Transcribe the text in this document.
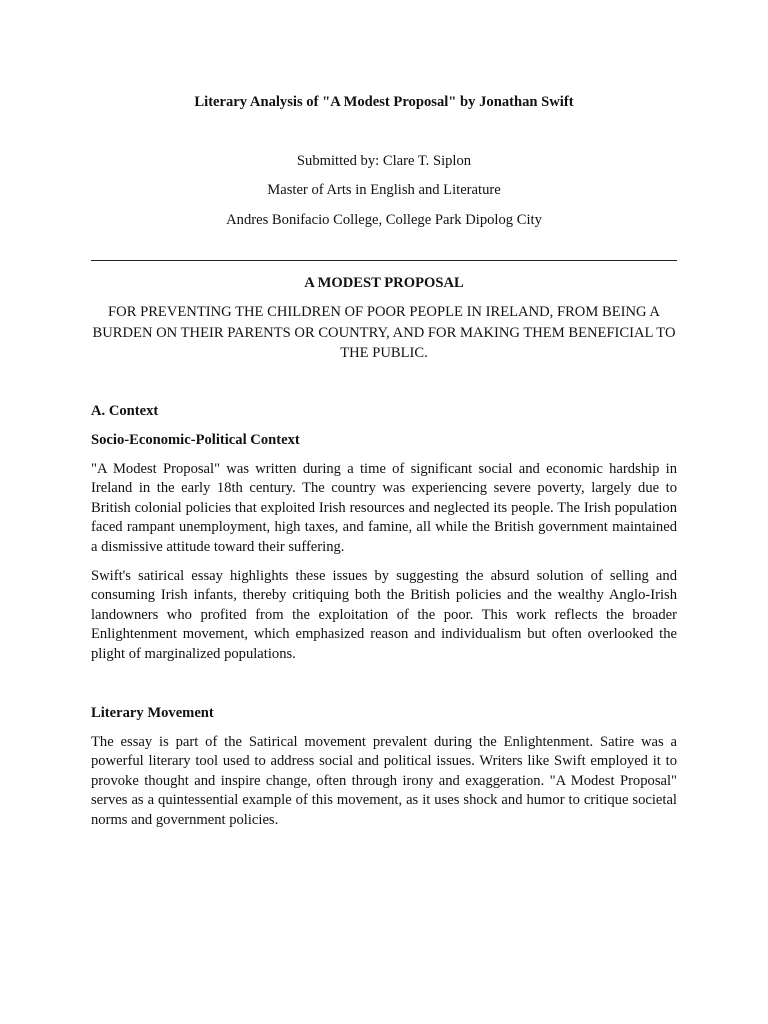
Literary Analysis of "A Modest Proposal" by Jonathan Swift
Submitted by: Clare T. Siplon
Master of Arts in English and Literature
Andres Bonifacio College, College Park Dipolog City
A MODEST PROPOSAL
FOR PREVENTING THE CHILDREN OF POOR PEOPLE IN IRELAND, FROM BEING A BURDEN ON THEIR PARENTS OR COUNTRY, AND FOR MAKING THEM BENEFICIAL TO THE PUBLIC.
A. Context
Socio-Economic-Political Context
"A Modest Proposal" was written during a time of significant social and economic hardship in Ireland in the early 18th century. The country was experiencing severe poverty, largely due to British colonial policies that exploited Irish resources and neglected its people. The Irish population faced rampant unemployment, high taxes, and famine, all while the British government maintained a dismissive attitude toward their suffering.
Swift's satirical essay highlights these issues by suggesting the absurd solution of selling and consuming Irish infants, thereby critiquing both the British policies and the wealthy Anglo-Irish landowners who profited from the exploitation of the poor. This work reflects the broader Enlightenment movement, which emphasized reason and individualism but often overlooked the plight of marginalized populations.
Literary Movement
The essay is part of the Satirical movement prevalent during the Enlightenment. Satire was a powerful literary tool used to address social and political issues. Writers like Swift employed it to provoke thought and inspire change, often through irony and exaggeration. "A Modest Proposal" serves as a quintessential example of this movement, as it uses shock and humor to critique societal norms and government policies.
